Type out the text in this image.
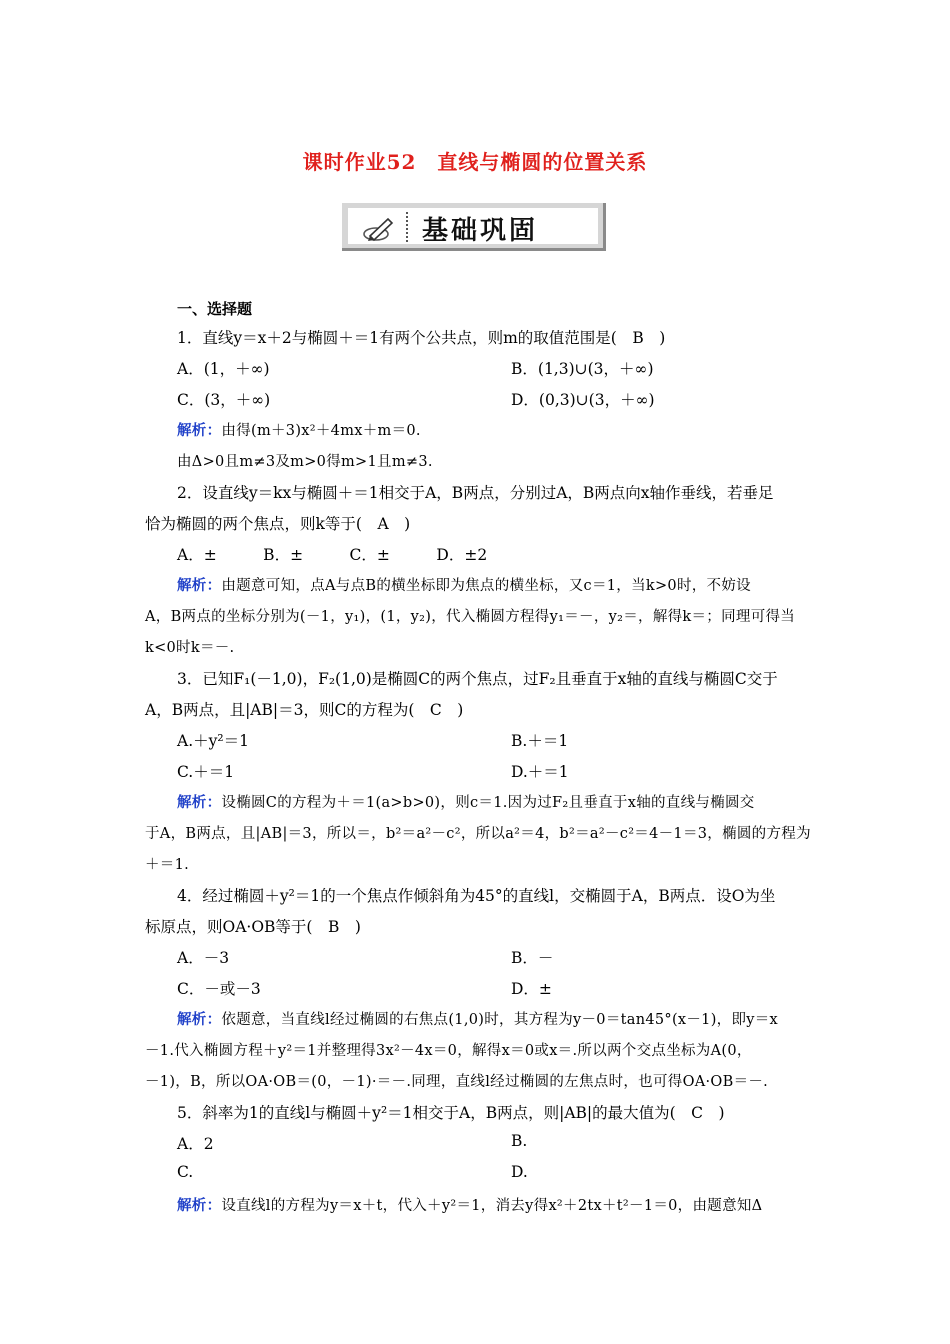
课时作业52　直线与椭圆的位置关系
基础巩固
一、选择题
1．直线y＝x＋2与椭圆＋＝1有两个公共点，则m的取值范围是(　B　)
A．(1，＋∞)	B．(1,3)∪(3，＋∞)
C．(3，＋∞)	D．(0,3)∪(3，＋∞)
解析：由得(m＋3)x²＋4mx＋m＝0.
由Δ>0且m≠3及m>0得m>1且m≠3.
2．设直线y＝kx与椭圆＋＝1相交于A，B两点，分别过A，B两点向x轴作垂线，若垂足
恰为椭圆的两个焦点，则k等于(　A　)
A．±　　　B．±　　　C．±　　　D．±2
解析：由题意可知，点A与点B的横坐标即为焦点的横坐标，又c＝1，当k>0时，不妨设
A，B两点的坐标分别为(－1，y₁)，(1，y₂)，代入椭圆方程得y₁＝－，y₂＝，解得k＝；同理可得当
k<0时k＝－.
3．已知F₁(－1,0)，F₂(1,0)是椭圆C的两个焦点，过F₂且垂直于x轴的直线与椭圆C交于
A，B两点，且|AB|＝3，则C的方程为(　C　)
A.＋y²＝1	B.＋＝1
C.＋＝1	D.＋＝1
解析：设椭圆C的方程为＋＝1(a>b>0)，则c＝1.因为过F₂且垂直于x轴的直线与椭圆交
于A，B两点，且|AB|＝3，所以＝，b²＝a²－c²，所以a²＝4，b²＝a²－c²＝4－1＝3，椭圆的方程为
＋＝1.
4．经过椭圆＋y²＝1的一个焦点作倾斜角为45°的直线l，交椭圆于A，B两点．设O为坐
标原点，则OA·OB等于(　B　)
A．－3	B．－
C．－或－3	D．±
解析：依题意，当直线l经过椭圆的右焦点(1,0)时，其方程为y－0＝tan45°(x－1)，即y＝x
－1.代入椭圆方程＋y²＝1并整理得3x²－4x＝0，解得x＝0或x＝.所以两个交点坐标为A(0，
－1)，B，所以OA·OB＝(0，－1)·＝－.同理，直线l经过椭圆的左焦点时，也可得OA·OB＝－.
5．斜率为1的直线l与椭圆＋y²＝1相交于A，B两点，则|AB|的最大值为(　C　)
A．2	B.
C.	D.
解析：设直线l的方程为y＝x＋t，代入＋y²＝1，消去y得x²＋2tx＋t²－1＝0，由题意知Δ
